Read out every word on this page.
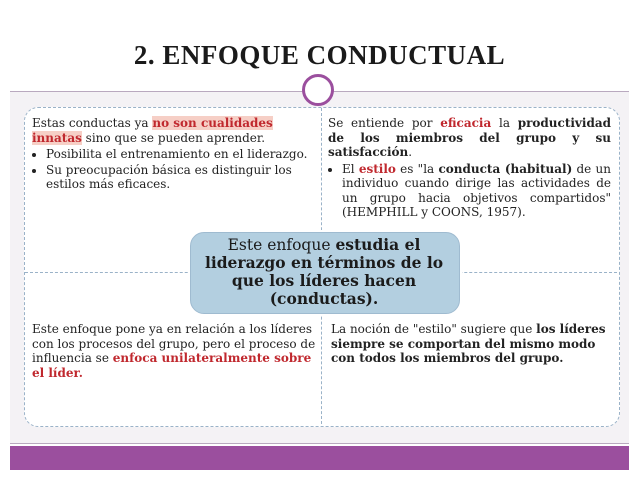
2. ENFOQUE CONDUCTUAL
Estas conductas ya no son cualidades innatas sino que se pueden aprender.
• Posibilita el entrenamiento en el liderazgo.
• Su preocupación básica es distinguir los estilos más eficaces.
Se entiende por eficacia la productividad de los miembros del grupo y su satisfacción.
• El estilo es "la conducta (habitual) de un individuo cuando dirige las actividades de un grupo hacia objetivos compartidos"(HEMPHILL y COONS, 1957).
Este enfoque pone ya en relación a los líderes con los procesos del grupo, pero el proceso de influencia se enfoca unilateralmente sobre el líder.
La noción de "estilo" sugiere que los líderes siempre se comportan del mismo modo con todos los miembros del grupo.
Este enfoque estudia el liderazgo en términos de lo que los líderes hacen (conductas).
